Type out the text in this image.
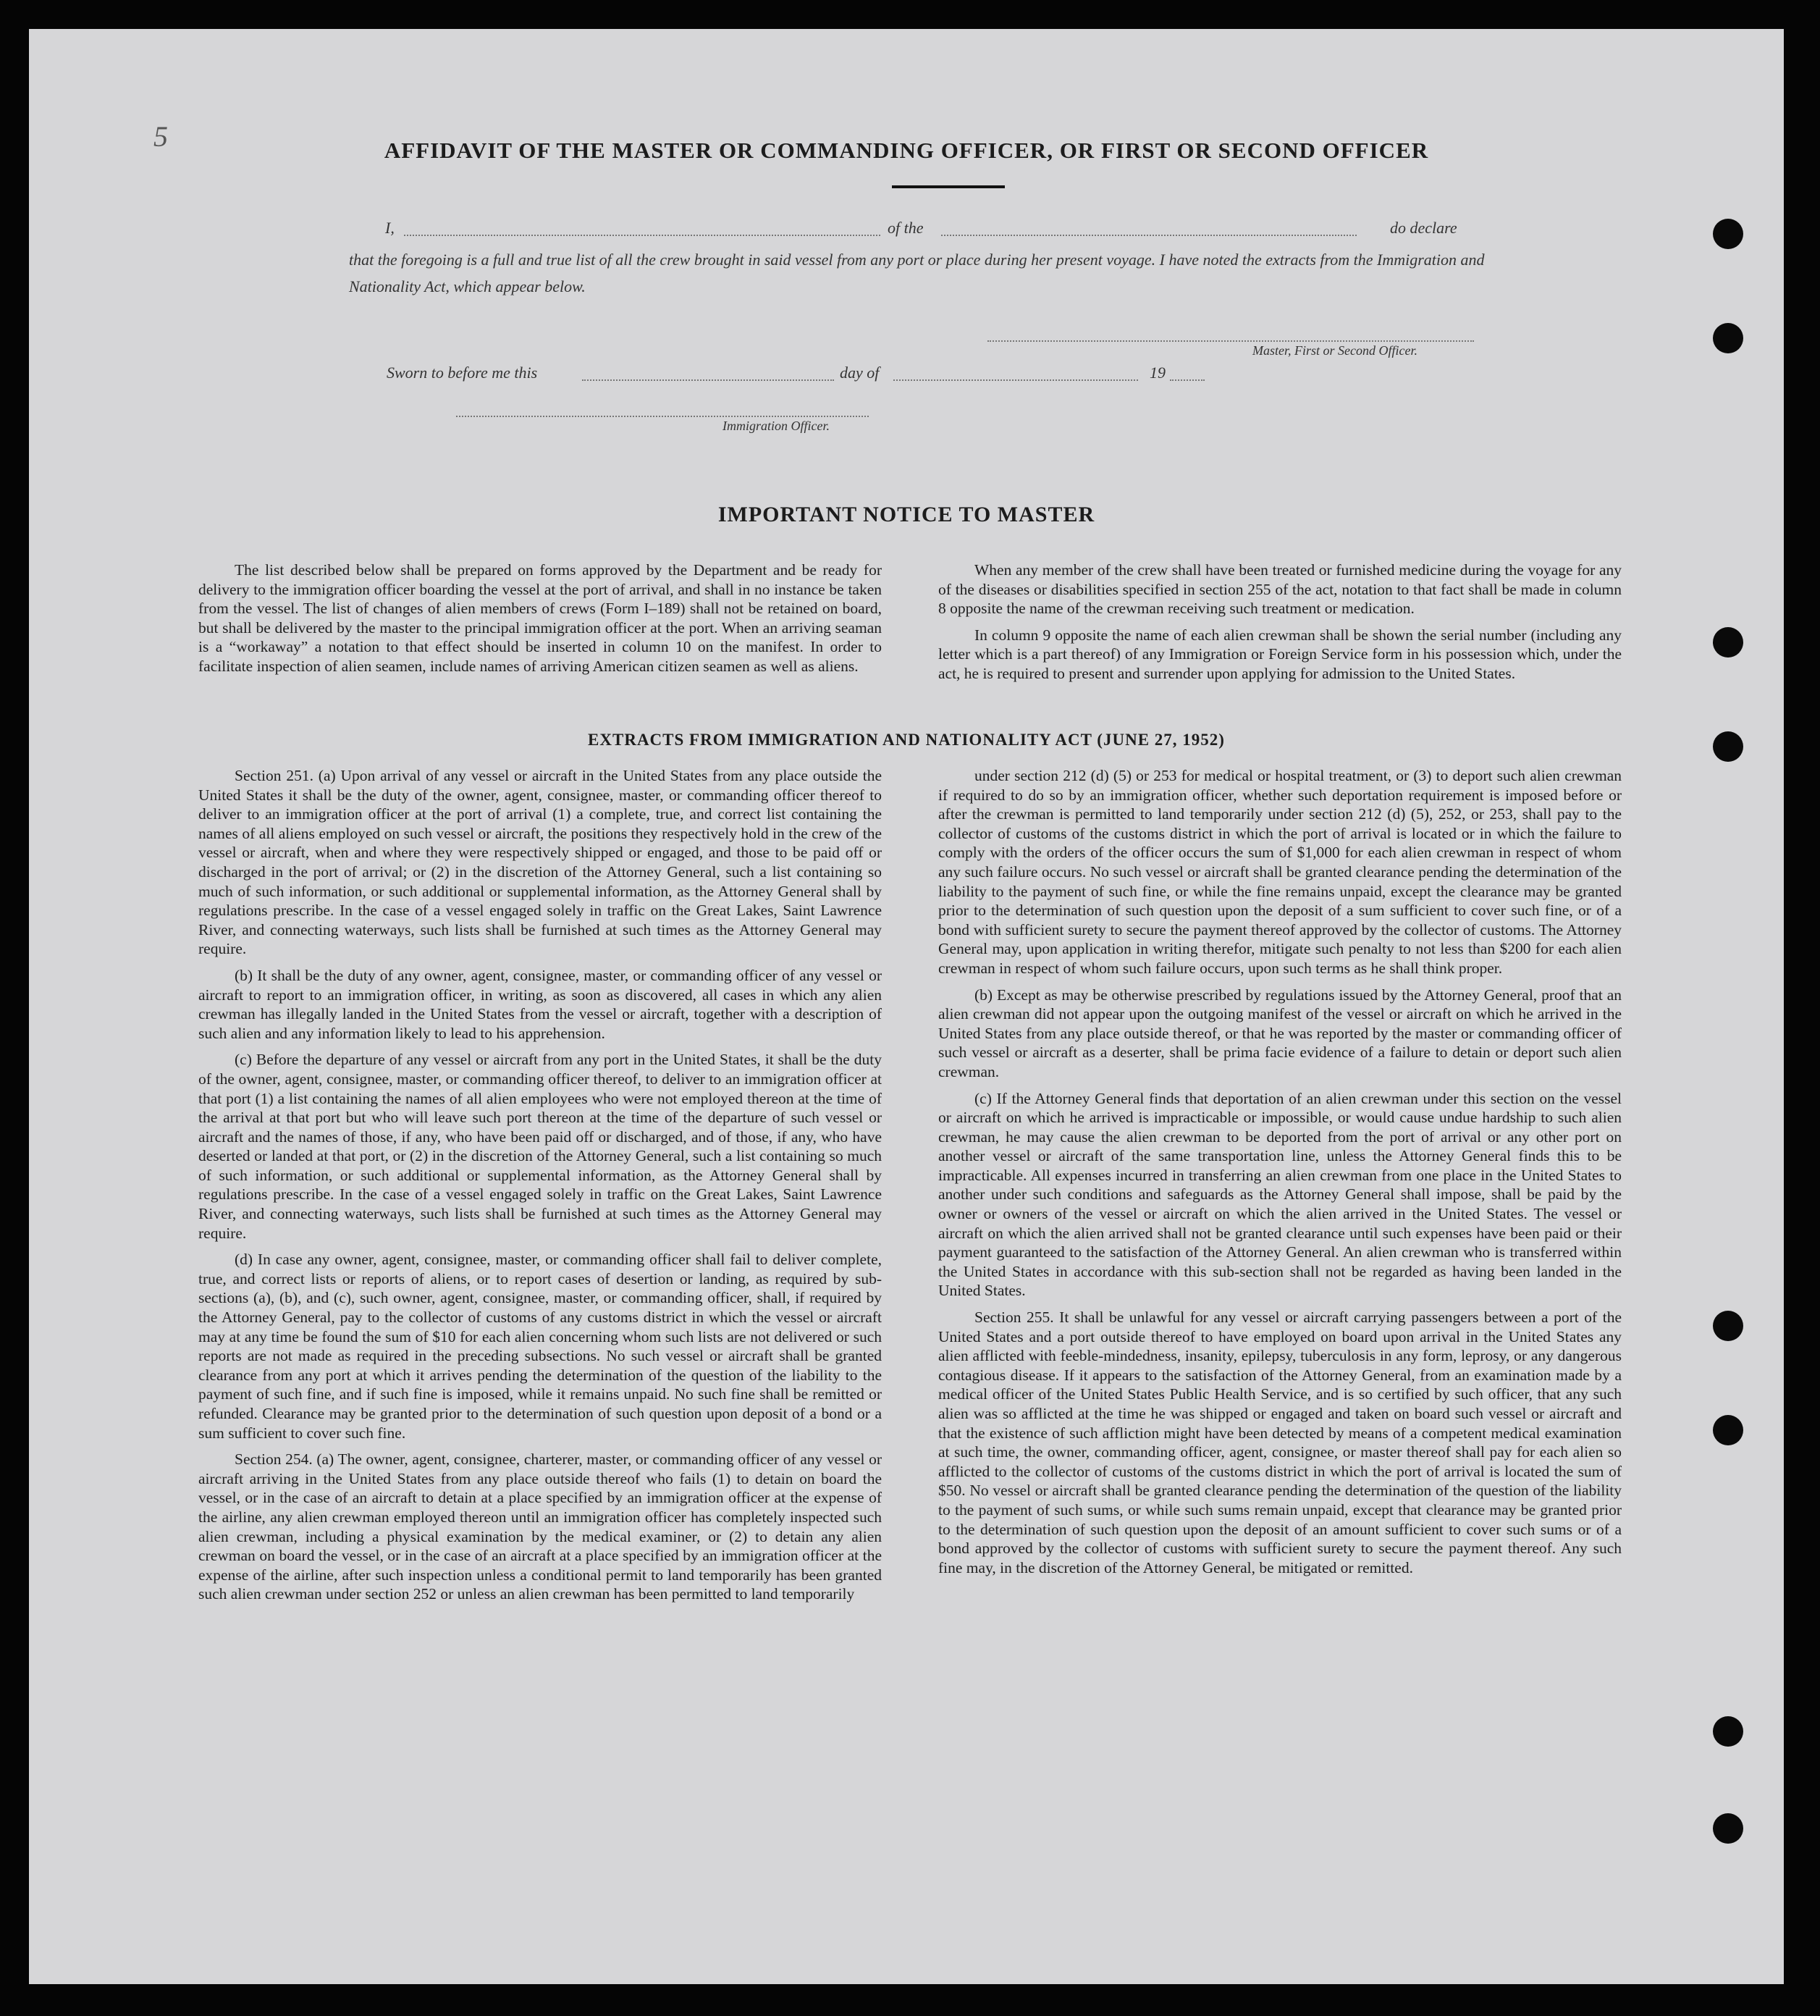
5	AFFIDAVIT OF THE MASTER OR COMMANDING OFFICER, OR FIRST OR SECOND OFFICER
I,	of the	do declare
that the foregoing is a full and true list of all the crew brought in said vessel from any port or place during her present voyage. I have noted the extracts from the Immigration and Nationality Act, which appear below.
Master, First or Second Officer.
Sworn to before me this	day of	19
Immigration Officer.
IMPORTANT NOTICE TO MASTER

The list described below shall be prepared on forms approved by the Department and be ready for delivery to the immigration officer boarding the vessel at the port of arrival, and shall in no instance be taken from the vessel. The list of changes of alien members of crews (Form I–189) shall not be retained on board, but shall be delivered by the master to the principal immigration officer at the port. When an arriving seaman is a “workaway” a notation to that effect should be inserted in column 10 on the manifest. In order to facilitate inspection of alien seamen, include names of arriving American citizen seamen as well as aliens.

When any member of the crew shall have been treated or furnished medicine during the voyage for any of the diseases or disabilities specified in section 255 of the act, notation to that fact shall be made in column 8 opposite the name of the crewman receiving such treatment or medication.

In column 9 opposite the name of each alien crewman shall be shown the serial number (including any letter which is a part thereof) of any Immigration or Foreign Service form in his possession which, under the act, he is required to present and surrender upon applying for admission to the United States.

EXTRACTS FROM IMMIGRATION AND NATIONALITY ACT (JUNE 27, 1952)

Section 251. (a) Upon arrival of any vessel or aircraft in the United States from any place outside the United States it shall be the duty of the owner, agent, consignee, master, or commanding officer thereof to deliver to an immigration officer at the port of arrival (1) a complete, true, and correct list containing the names of all aliens employed on such vessel or aircraft, the positions they respectively hold in the crew of the vessel or aircraft, when and where they were respectively shipped or engaged, and those to be paid off or discharged in the port of arrival; or (2) in the discretion of the Attorney General, such a list containing so much of such information, or such additional or supplemental information, as the Attorney General shall by regulations prescribe. In the case of a vessel engaged solely in traffic on the Great Lakes, Saint Lawrence River, and connecting waterways, such lists shall be furnished at such times as the Attorney General may require.

(b) It shall be the duty of any owner, agent, consignee, master, or commanding officer of any vessel or aircraft to report to an immigration officer, in writing, as soon as discovered, all cases in which any alien crewman has illegally landed in the United States from the vessel or aircraft, together with a description of such alien and any information likely to lead to his apprehension.

(c) Before the departure of any vessel or aircraft from any port in the United States, it shall be the duty of the owner, agent, consignee, master, or commanding officer thereof, to deliver to an immigration officer at that port (1) a list containing the names of all alien employees who were not employed thereon at the time of the arrival at that port but who will leave such port thereon at the time of the departure of such vessel or aircraft and the names of those, if any, who have been paid off or discharged, and of those, if any, who have deserted or landed at that port, or (2) in the discretion of the Attorney General, such a list containing so much of such information, or such additional or supplemental information, as the Attorney General shall by regulations prescribe. In the case of a vessel engaged solely in traffic on the Great Lakes, Saint Lawrence River, and connecting waterways, such lists shall be furnished at such times as the Attorney General may require.

(d) In case any owner, agent, consignee, master, or commanding officer shall fail to deliver complete, true, and correct lists or reports of aliens, or to report cases of desertion or landing, as required by sub-sections (a), (b), and (c), such owner, agent, consignee, master, or commanding officer, shall, if required by the Attorney General, pay to the collector of customs of any customs district in which the vessel or aircraft may at any time be found the sum of $10 for each alien concerning whom such lists are not delivered or such reports are not made as required in the preceding subsections. No such vessel or aircraft shall be granted clearance from any port at which it arrives pending the determination of the question of the liability to the payment of such fine, and if such fine is imposed, while it remains unpaid. No such fine shall be remitted or refunded. Clearance may be granted prior to the determination of such question upon deposit of a bond or a sum sufficient to cover such fine.

Section 254. (a) The owner, agent, consignee, charterer, master, or commanding officer of any vessel or aircraft arriving in the United States from any place outside thereof who fails (1) to detain on board the vessel, or in the case of an aircraft to detain at a place specified by an immigration officer at the expense of the airline, any alien crewman employed thereon until an immigration officer has completely inspected such alien crewman, including a physical examination by the medical examiner, or (2) to detain any alien crewman on board the vessel, or in the case of an aircraft at a place specified by an immigration officer at the expense of the airline, after such inspection unless a conditional permit to land temporarily has been granted such alien crewman under section 252 or unless an alien crewman has been permitted to land temporarily

under section 212 (d) (5) or 253 for medical or hospital treatment, or (3) to deport such alien crewman if required to do so by an immigration officer, whether such deportation requirement is imposed before or after the crewman is permitted to land temporarily under section 212 (d) (5), 252, or 253, shall pay to the collector of customs of the customs district in which the port of arrival is located or in which the failure to comply with the orders of the officer occurs the sum of $1,000 for each alien crewman in respect of whom any such failure occurs. No such vessel or aircraft shall be granted clearance pending the determination of the liability to the payment of such fine, or while the fine remains unpaid, except the clearance may be granted prior to the determination of such question upon the deposit of a sum sufficient to cover such fine, or of a bond with sufficient surety to secure the payment thereof approved by the collector of customs. The Attorney General may, upon application in writing therefor, mitigate such penalty to not less than $200 for each alien crewman in respect of whom such failure occurs, upon such terms as he shall think proper.

(b) Except as may be otherwise prescribed by regulations issued by the Attorney General, proof that an alien crewman did not appear upon the outgoing manifest of the vessel or aircraft on which he arrived in the United States from any place outside thereof, or that he was reported by the master or commanding officer of such vessel or aircraft as a deserter, shall be prima facie evidence of a failure to detain or deport such alien crewman.

(c) If the Attorney General finds that deportation of an alien crewman under this section on the vessel or aircraft on which he arrived is impracticable or impossible, or would cause undue hardship to such alien crewman, he may cause the alien crewman to be deported from the port of arrival or any other port on another vessel or aircraft of the same transportation line, unless the Attorney General finds this to be impracticable. All expenses incurred in transferring an alien crewman from one place in the United States to another under such conditions and safeguards as the Attorney General shall impose, shall be paid by the owner or owners of the vessel or aircraft on which the alien arrived in the United States. The vessel or aircraft on which the alien arrived shall not be granted clearance until such expenses have been paid or their payment guaranteed to the satisfaction of the Attorney General. An alien crewman who is transferred within the United States in accordance with this sub-section shall not be regarded as having been landed in the United States.

Section 255. It shall be unlawful for any vessel or aircraft carrying passengers between a port of the United States and a port outside thereof to have employed on board upon arrival in the United States any alien afflicted with feeble-mindedness, insanity, epilepsy, tuberculosis in any form, leprosy, or any dangerous contagious disease. If it appears to the satisfaction of the Attorney General, from an examination made by a medical officer of the United States Public Health Service, and is so certified by such officer, that any such alien was so afflicted at the time he was shipped or engaged and taken on board such vessel or aircraft and that the existence of such affliction might have been detected by means of a competent medical examination at such time, the owner, commanding officer, agent, consignee, or master thereof shall pay for each alien so afflicted to the collector of customs of the customs district in which the port of arrival is located the sum of $50. No vessel or aircraft shall be granted clearance pending the determination of the question of the liability to the payment of such sums, or while such sums remain unpaid, except that clearance may be granted prior to the determination of such question upon the deposit of an amount sufficient to cover such sums or of a bond approved by the collector of customs with sufficient surety to secure the payment thereof. Any such fine may, in the discretion of the Attorney General, be mitigated or remitted.
